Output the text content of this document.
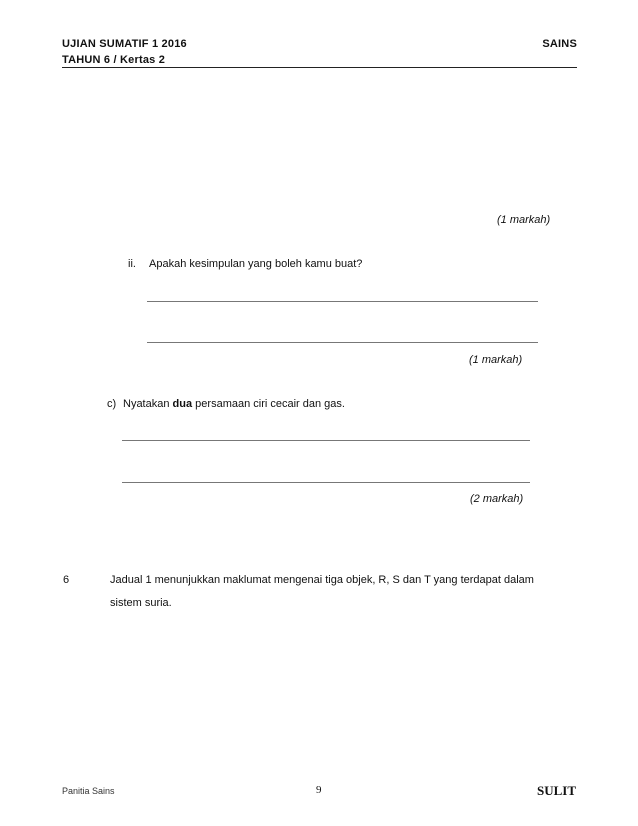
UJIAN SUMATIF 1 2016
TAHUN 6 / Kertas 2
SAINS
(1 markah)
ii. Apakah kesimpulan yang boleh kamu buat?
(1 markah)
c) Nyatakan dua persamaan ciri cecair dan gas.
(2 markah)
6	Jadual 1 menunjukkan maklumat mengenai tiga objek, R, S dan T yang terdapat dalam
sistem suria.
Panitia Sains	9	SULIT
